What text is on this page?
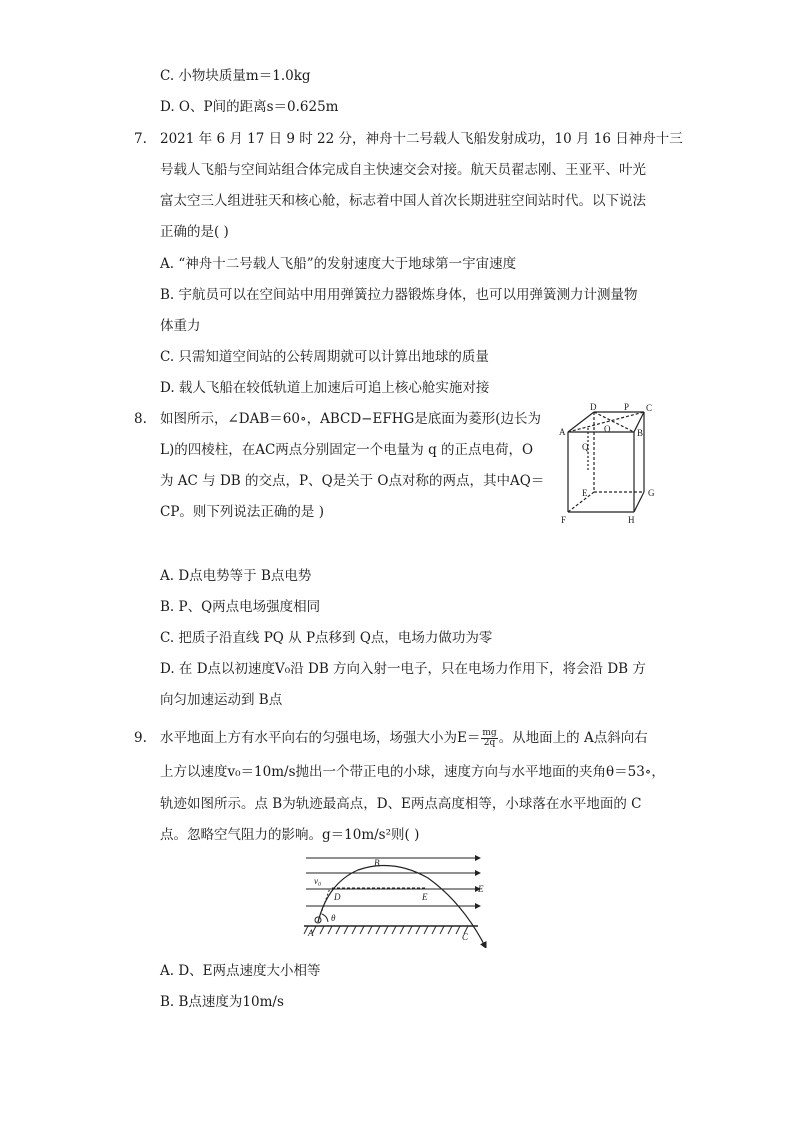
C. 小物块质量m＝1.0kg
D. O、P间的距离s＝0.625m
7. 2021 年 6 月 17 日 9 时 22 分，神舟十二号载人飞船发射成功，10 月 16 日神舟十三
号载人飞船与空间站组合体完成自主快速交会对接。航天员翟志刚、王亚平、叶光
富太空三人组进驻天和核心舱，标志着中国人首次长期进驻空间站时代。以下说法
正确的是( )
A. “神舟十二号载人飞船”的发射速度大于地球第一宇宙速度
B. 宇航员可以在空间站中用用弹簧拉力器锻炼身体，也可以用弹簧测力计测量物
体重力
C. 只需知道空间站的公转周期就可以计算出地球的质量
D. 载人飞船在较低轨道上加速后可追上核心舱实施对接
8. 如图所示，∠DAB＝60∘，ABCD−EFHG是底面为菱形(边长为
L)的四棱柱，在AC两点分别固定一个电量为 q 的正点电荷，O
为 AC 与 DB 的交点，P、Q是关于 O点对称的两点，其中AQ＝
CP。则下列说法正确的是 )
D	P C
A	O	B
Q
E	G
F	H
A. D点电势等于 B点电势
B. P、Q两点电场强度相同
C. 把质子沿直线 PQ 从 P点移到 Q点，电场力做功为零
D. 在 D点以初速度V₀沿 DB 方向入射一电子，只在电场力作用下，将会沿 DB 方
向匀加速运动到 B点
9. 水平地面上方有水平向右的匀强电场，场强大小为$E= \frac{mg}{2q}$ 。从地面上的 A点斜向右
上方以速度v₀＝10m/s抛出一个带正电的小球，速度方向与水平地面的夹角θ＝53∘，
轨迹如图所示。点 B为轨迹最高点，D、E两点高度相等，小球落在水平地面的 C
点。忽略空气阻力的影响。g＝10m/s²则( )
B
v₀
D	E
E
A
θ
C
A. D、E两点速度大小相等
B. B点速度为10m/s
